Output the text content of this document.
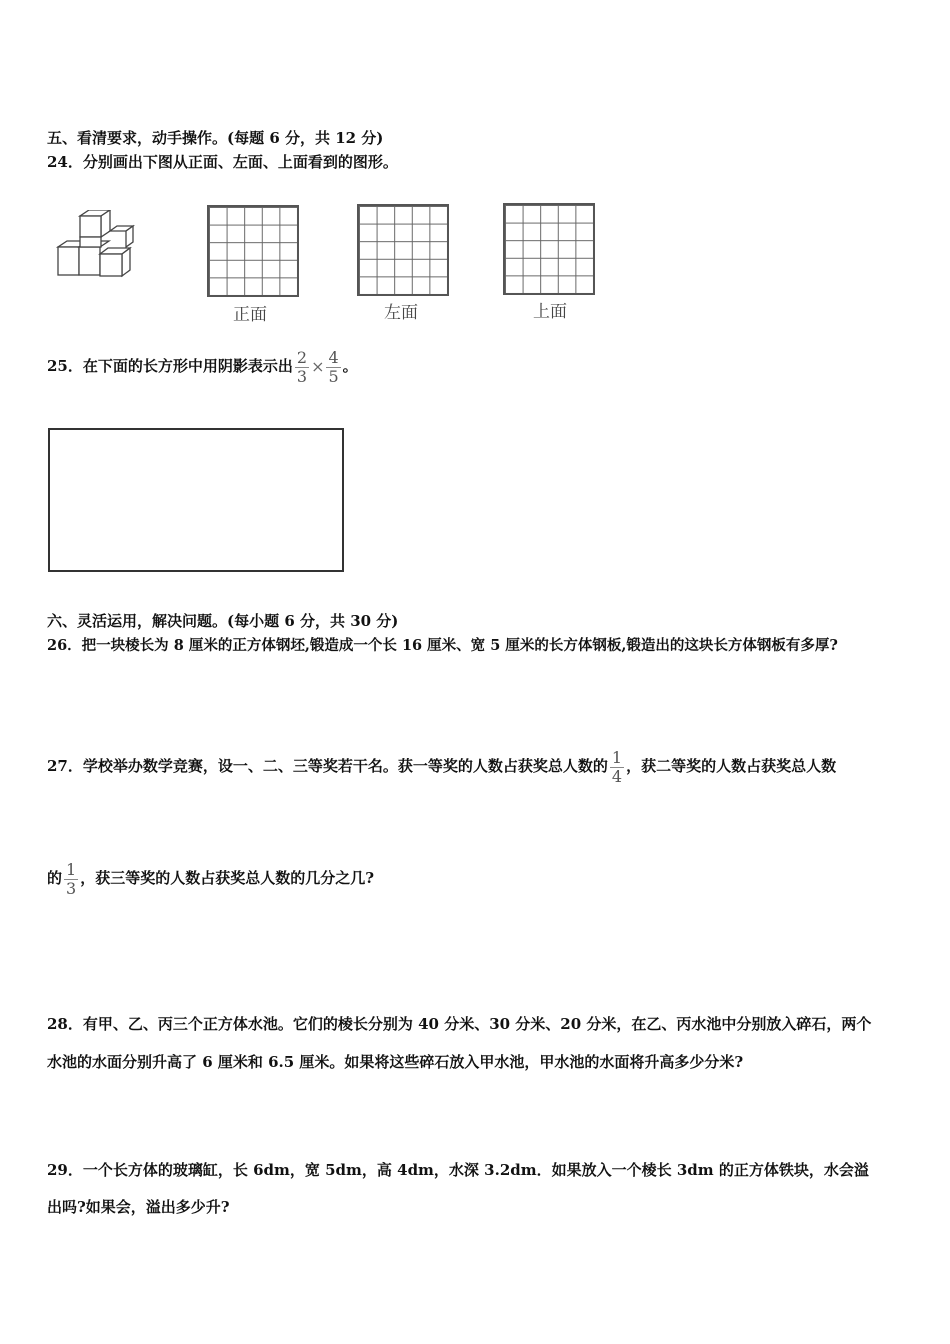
五、看清要求，动手操作。(每题 6 分，共 12 分)
24．分别画出下图从正面、左面、上面看到的图形。
正面	左面	上面
25．在下面的长方形中用阴影表示出 $\frac{2}{3} \times \frac{4}{5}$ 。
六、灵活运用，解决问题。(每小题 6 分，共 30 分)
26．把一块棱长为 8 厘米的正方体钢坯,锻造成一个长 16 厘米、宽 5 厘米的长方体钢板,锻造出的这块长方体钢板有多厚?
27．学校举办数学竞赛，设一、二、三等奖若干名。获一等奖的人数占获奖总人数的 $\frac{1}{4}$ ，获二等奖的人数占获奖总人数
的 $\frac{1}{3}$ ，获三等奖的人数占获奖总人数的几分之几?
28．有甲、乙、丙三个正方体水池。它们的棱长分别为 40 分米、30 分米、20 分米，在乙、丙水池中分别放入碎石，两个
水池的水面分别升高了 6 厘米和 6.5 厘米。如果将这些碎石放入甲水池，甲水池的水面将升高多少分米?
29．一个长方体的玻璃缸，长 6dm，宽 5dm，高 4dm，水深 3.2dm．如果放入一个棱长 3dm 的正方体铁块，水会溢
出吗?如果会，溢出多少升?
